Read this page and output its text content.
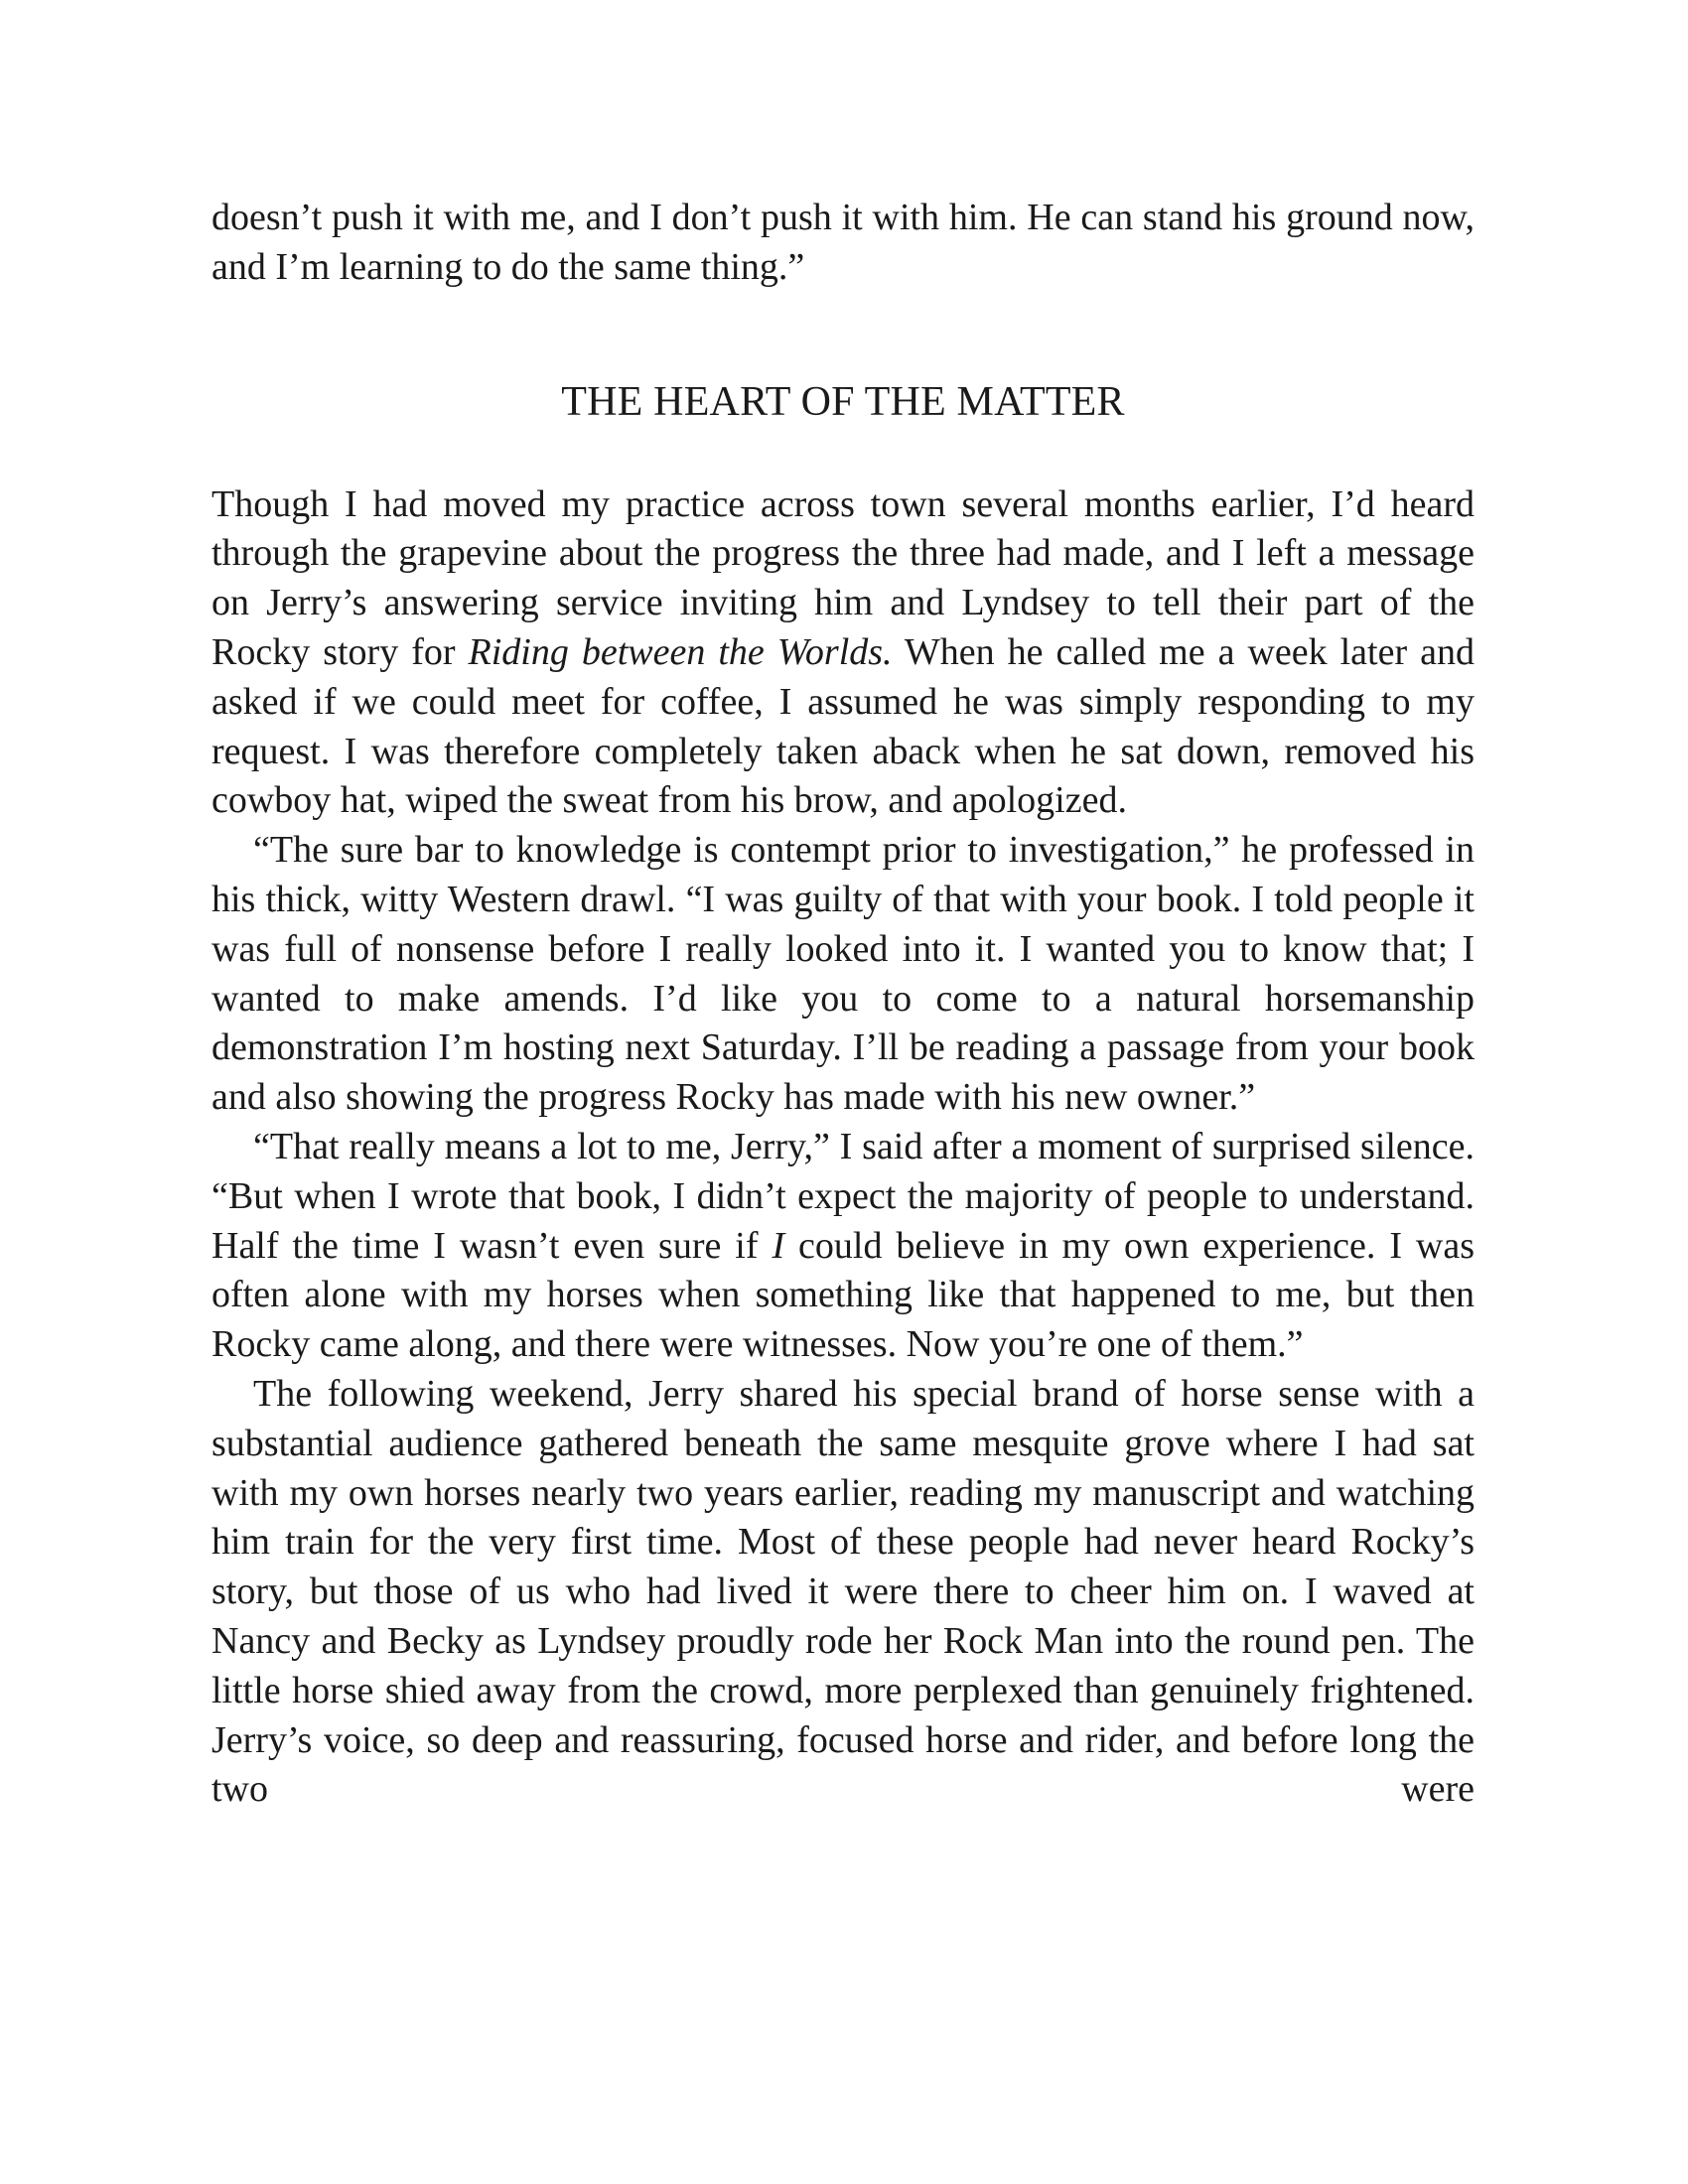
doesn’t push it with me, and I don’t push it with him. He can stand his ground now, and I’m learning to do the same thing.”

THE HEART OF THE MATTER

Though I had moved my practice across town several months earlier, I’d heard through the grapevine about the progress the three had made, and I left a message on Jerry’s answering service inviting him and Lyndsey to tell their part of the Rocky story for Riding between the Worlds. When he called me a week later and asked if we could meet for coffee, I assumed he was simply responding to my request. I was therefore completely taken aback when he sat down, removed his cowboy hat, wiped the sweat from his brow, and apologized.

“The sure bar to knowledge is contempt prior to investigation,” he professed in his thick, witty Western drawl. “I was guilty of that with your book. I told people it was full of nonsense before I really looked into it. I wanted you to know that; I wanted to make amends. I’d like you to come to a natural horsemanship demonstration I’m hosting next Saturday. I’ll be reading a passage from your book and also showing the progress Rocky has made with his new owner.”

“That really means a lot to me, Jerry,” I said after a moment of surprised silence. “But when I wrote that book, I didn’t expect the majority of people to understand. Half the time I wasn’t even sure if I could believe in my own experience. I was often alone with my horses when something like that happened to me, but then Rocky came along, and there were witnesses. Now you’re one of them.”

The following weekend, Jerry shared his special brand of horse sense with a substantial audience gathered beneath the same mesquite grove where I had sat with my own horses nearly two years earlier, reading my manuscript and watching him train for the very first time. Most of these people had never heard Rocky’s story, but those of us who had lived it were there to cheer him on. I waved at Nancy and Becky as Lyndsey proudly rode her Rock Man into the round pen. The little horse shied away from the crowd, more perplexed than genuinely frightened. Jerry’s voice, so deep and reassuring, focused horse and rider, and before long the two were
